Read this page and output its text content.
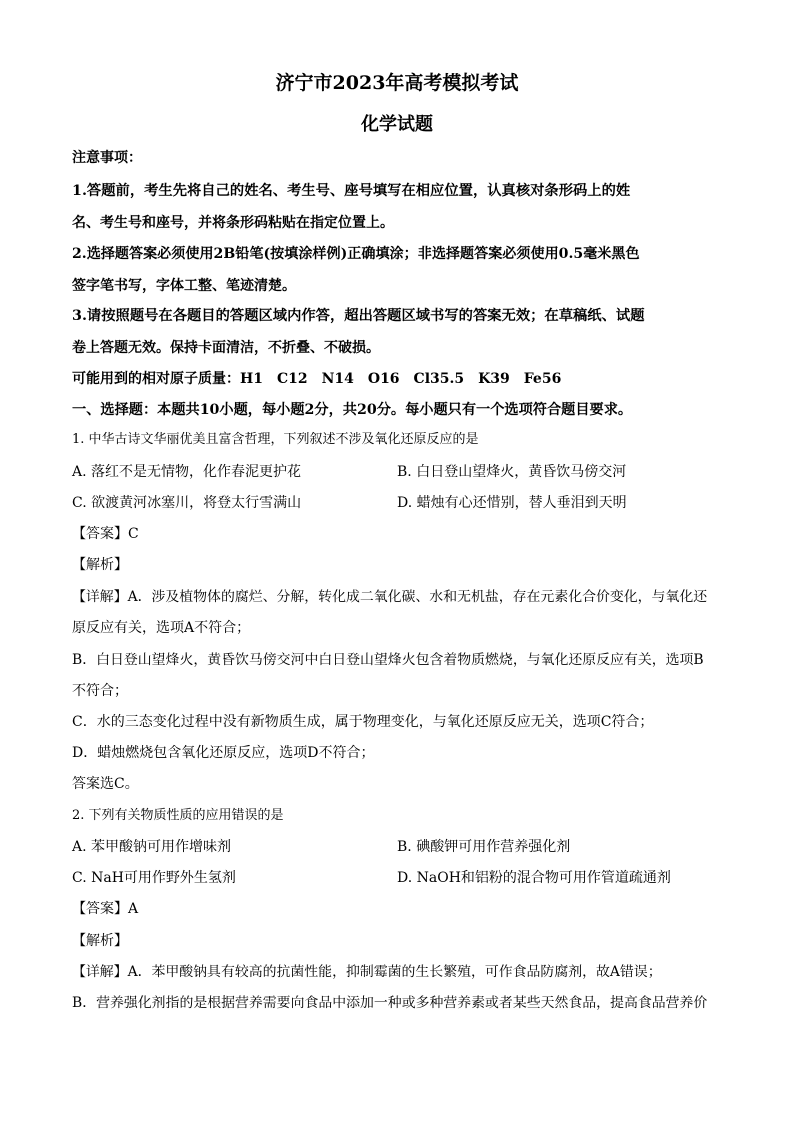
济宁市2023年高考模拟考试
化学试题
注意事项：
1.答题前，考生先将自己的姓名、考生号、座号填写在相应位置，认真核对条形码上的姓
名、考生号和座号，并将条形码粘贴在指定位置上。
2.选择题答案必须使用2B铅笔(按填涂样例)正确填涂；非选择题答案必须使用0.5毫米黑色
签字笔书写，字体工整、笔迹清楚。
3.请按照题号在各题目的答题区域内作答，超出答题区域书写的答案无效；在草稿纸、试题
卷上答题无效。保持卡面清洁，不折叠、不破损。
可能用到的相对原子质量：H1　C12　N14　O16　Cl35.5　K39　Fe56
一、选择题：本题共10小题，每小题2分，共20分。每小题只有一个选项符合题目要求。
1. 中华古诗文华丽优美且富含哲理，下列叙述不涉及氧化还原反应的是
A. 落红不是无情物，化作春泥更护花	B. 白日登山望烽火，黄昏饮马傍交河
C. 欲渡黄河冰塞川，将登太行雪满山	D. 蜡烛有心还惜别，替人垂泪到天明
【答案】C
【解析】
【详解】A．涉及植物体的腐烂、分解，转化成二氧化碳、水和无机盐，存在元素化合价变化，与氧化还
原反应有关，选项A不符合；
B．白日登山望烽火，黄昏饮马傍交河中白日登山望烽火包含着物质燃烧，与氧化还原反应有关，选项B
不符合；
C．水的三态变化过程中没有新物质生成，属于物理变化，与氧化还原反应无关，选项C符合；
D．蜡烛燃烧包含氧化还原反应，选项D不符合；
答案选C。
2. 下列有关物质性质的应用错误的是
A. 苯甲酸钠可用作增味剂	B. 碘酸钾可用作营养强化剂
C. NaH可用作野外生氢剂	D. NaOH和铝粉的混合物可用作管道疏通剂
【答案】A
【解析】
【详解】A．苯甲酸钠具有较高的抗菌性能，抑制霉菌的生长繁殖，可作食品防腐剂，故A错误；
B．营养强化剂指的是根据营养需要向食品中添加一种或多种营养素或者某些天然食品，提高食品营养价
